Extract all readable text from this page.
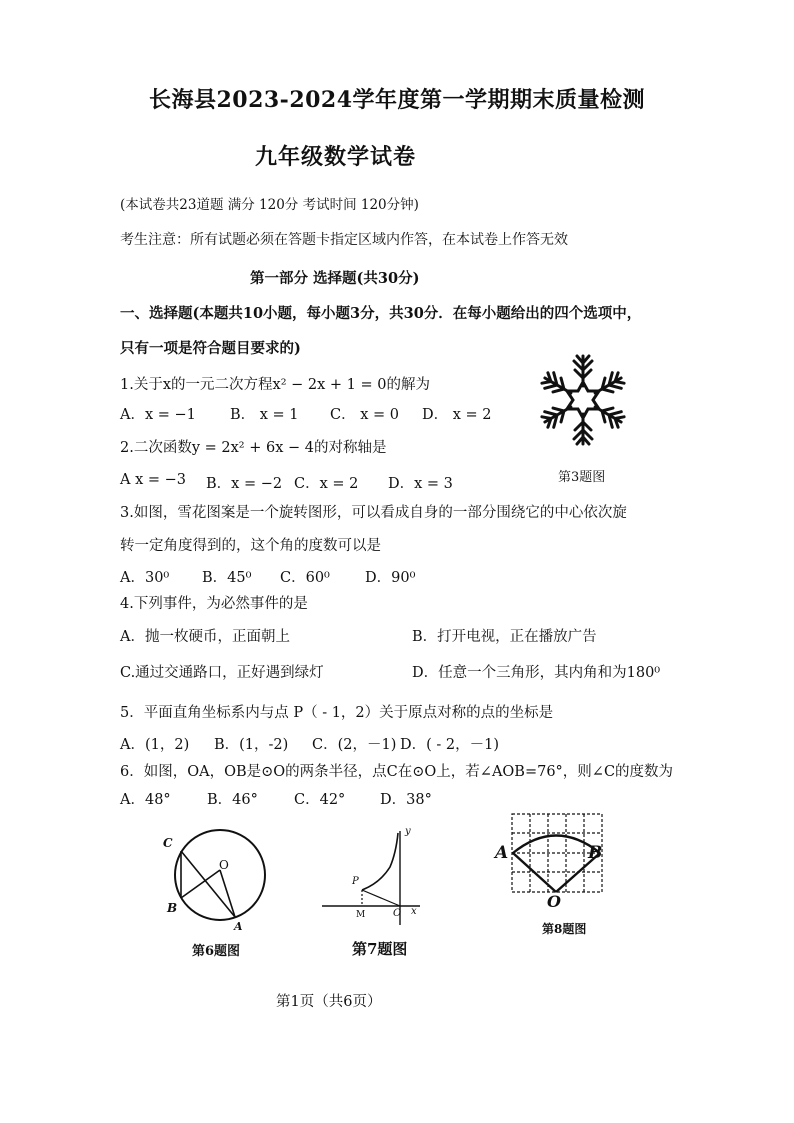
长海县2023-2024学年度第一学期期末质量检测
九年级数学试卷
(本试卷共23道题 满分 120分 考试时间 120分钟)
考生注意：所有试题必须在答题卡指定区域内作答，在本试卷上作答无效
第一部分 选择题(共30分)
一、选择题(本题共10小题，每小题3分，共30分．在每小题给出的四个选项中，
只有一项是符合题目要求的)
1.关于x的一元二次方程x² − 2x + 1 = 0的解为
A．x = −1 B． x = 1 C． x = 0 D． x = 2
2.二次函数y = 2x² + 6x − 4的对称轴是
A x = −3 B．x = −2 C．x = 2 D．x = 3	第3题图
3.如图，雪花图案是一个旋转图形，可以看成自身的一部分围绕它的中心依次旋
转一定角度得到的，这个角的度数可以是
A．30⁰ B．45⁰ C．60⁰ D．90⁰
4.下列事件，为必然事件的是
A．抛一枚硬币，正面朝上	B．打开电视，正在播放广告
C.通过交通路口，正好遇到绿灯	D．任意一个三角形，其内角和为180⁰
5．平面直角坐标系内与点 P（ - 1，2）关于原点对称的点的坐标是
A．(1，2) B．(1，-2) C．(2，－1) D．( - 2，－1)
6．如图，OA，OB是⊙O的两条半径，点C在⊙O上，若∠AOB=76°，则∠C的度数为
A．48°	B．46° C．42° D．38°
C
O
B
A
第6题图
y
P
M	O x
第7题图
A	B
O
第8题图
第1页（共6页）
